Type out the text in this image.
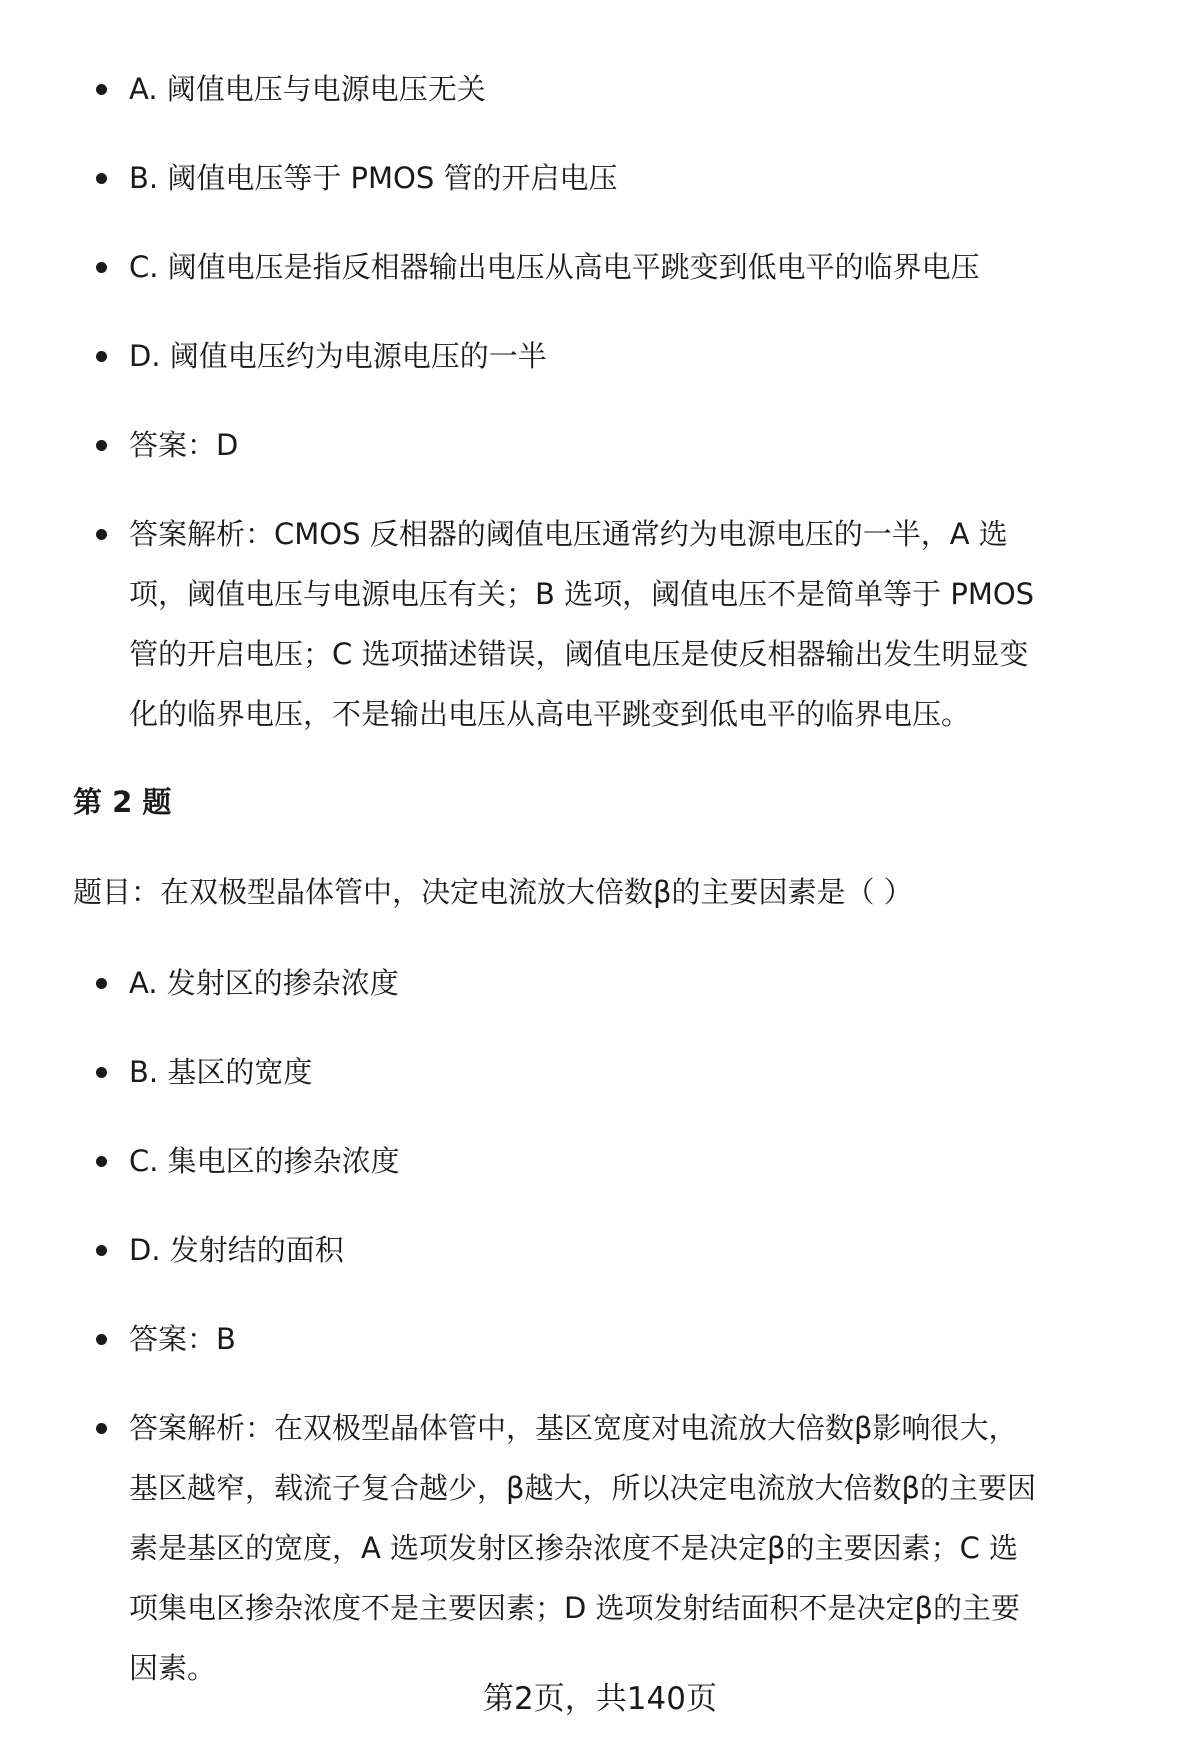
A. 阈值电压与电源电压无关
B. 阈值电压等于 PMOS 管的开启电压
C. 阈值电压是指反相器输出电压从高电平跳变到低电平的临界电压
D. 阈值电压约为电源电压的一半
答案：D
答案解析：CMOS 反相器的阈值电压通常约为电源电压的一半，A 选项，阈值电压与电源电压有关；B 选项，阈值电压不是简单等于 PMOS 管的开启电压；C 选项描述错误，阈值电压是使反相器输出发生明显变化的临界电压，不是输出电压从高电平跳变到低电平的临界电压。

第 2 题

题目：在双极型晶体管中，决定电流放大倍数β的主要因素是（ ）

A. 发射区的掺杂浓度
B. 基区的宽度
C. 集电区的掺杂浓度
D. 发射结的面积
答案：B
答案解析：在双极型晶体管中，基区宽度对电流放大倍数β影响很大，基区越窄，载流子复合越少，β越大，所以决定电流放大倍数β的主要因素是基区的宽度，A 选项发射区掺杂浓度不是决定β的主要因素；C 选项集电区掺杂浓度不是主要因素；D 选项发射结面积不是决定β的主要因素。

第2页，共140页
